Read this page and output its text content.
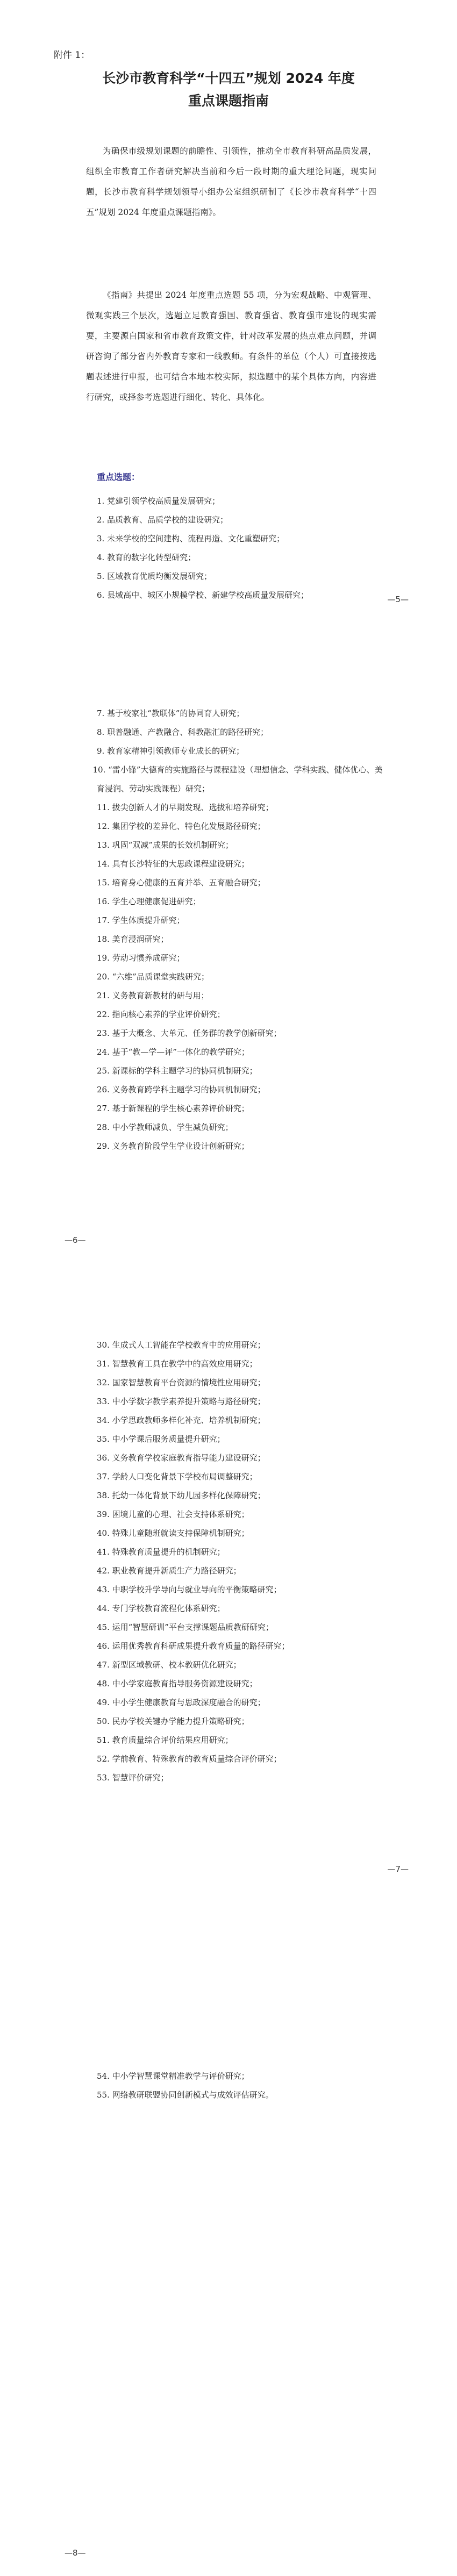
附件 1：
长沙市教育科学“十四五”规划 2024 年度
重点课题指南

为确保市级规划课题的前瞻性、引领性，推动全市教育科研高品质发展，组织全市教育工作者研究解决当前和今后一段时期的重大理论问题，现实问题，长沙市教育科学规划领导小组办公室组织研制了《长沙市教育科学“十四五”规划 2024 年度重点课题指南》。

《指南》共提出 2024 年度重点选题 55 项，分为宏观战略、中观管理、微观实践三个层次，选题立足教育强国、教育强省、教育强市建设的现实需要，主要源自国家和省市教育政策文件，针对改革发展的热点难点问题，并调研咨询了部分省内外教育专家和一线教师。有条件的单位（个人）可直接按选题表述进行申报，也可结合本地本校实际，拟选题中的某个具体方向，内容进行研究，或择参考选题进行细化、转化、具体化。

重点选题：
1. 党建引领学校高质量发展研究；
2. 品质教育、品质学校的建设研究；
3. 未来学校的空间建构、流程再造、文化重塑研究；
4. 教育的数字化转型研究；
5. 区域教育优质均衡发展研究；
6. 县域高中、城区小规模学校、新建学校高质量发展研究；	—5—
7. 基于校家社“教联体”的协同育人研究；
8. 职普融通、产教融合、科教融汇的路径研究；
9. 教育家精神引领教师专业成长的研究；
10. “雷小锋”大德育的实施路径与课程建设（理想信念、学科实践、健体优心、美育浸润、劳动实践课程）研究；
11. 拔尖创新人才的早期发现、选拔和培养研究；
12. 集团学校的差异化、特色化发展路径研究；
13. 巩固“双减”成果的长效机制研究；
14. 具有长沙特征的大思政课程建设研究；
15. 培育身心健康的五育并举、五育融合研究；
16. 学生心理健康促进研究；
17. 学生体质提升研究；
18. 美育浸润研究；
19. 劳动习惯养成研究；
20. “六维”品质课堂实践研究；
21. 义务教育新教材的研与用；
22. 指向核心素养的学业评价研究；
23. 基于大概念、大单元、任务群的教学创新研究；
24. 基于“教—学—评”一体化的教学研究；
25. 新课标的学科主题学习的协同机制研究；
26. 义务教育跨学科主题学习的协同机制研究；
27. 基于新课程的学生核心素养评价研究；
28. 中小学教师减负、学生减负研究；
29. 义务教育阶段学生学业设计创新研究；
—6—
30. 生成式人工智能在学校教育中的应用研究；
31. 智慧教育工具在教学中的高效应用研究；
32. 国家智慧教育平台资源的情境性应用研究；
33. 中小学数字教学素养提升策略与路径研究；
34. 小学思政教师多样化补充、培养机制研究；
35. 中小学课后服务质量提升研究；
36. 义务教育学校家庭教育指导能力建设研究；
37. 学龄人口变化背景下学校布局调整研究；
38. 托幼一体化背景下幼儿园多样化保障研究；
39. 困境儿童的心理、社会支持体系研究；
40. 特殊儿童随班就读支持保障机制研究；
41. 特殊教育质量提升的机制研究；
42. 职业教育提升新质生产力路径研究；
43. 中职学校升学导向与就业导向的平衡策略研究；
44. 专门学校教育流程化体系研究；
45. 运用“智慧研训”平台支撑课题品质教研研究；
46. 运用优秀教育科研成果提升教育质量的路径研究；
47. 新型区域教研、校本教研优化研究；
48. 中小学家庭教育指导服务资源建设研究；
49. 中小学生健康教育与思政深度融合的研究；
50. 民办学校关键办学能力提升策略研究；
51. 教育质量综合评价结果应用研究；
52. 学前教育、特殊教育的教育质量综合评价研究；
53. 智慧评价研究；
—7—
54. 中小学智慧课堂精准教学与评价研究；
55. 网络教研联盟协同创新模式与成效评估研究。
—8—
